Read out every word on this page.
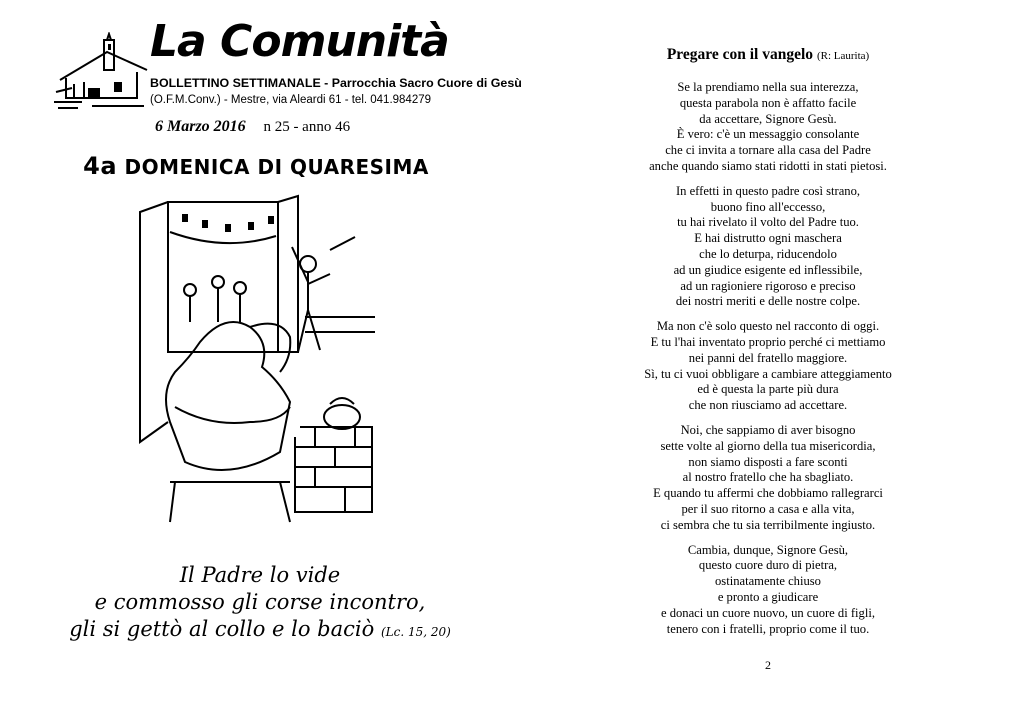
La Comunità
BOLLETTINO SETTIMANALE - Parrocchia Sacro Cuore di Gesù
(O.F.M.Conv.) - Mestre, via Aleardi 61 - tel. 041.984279
6 Marzo 2016 n 25 - anno 46
4a DOMENICA DI QUARESIMA
Il Padre lo vide
e commosso gli corse incontro,
gli si gettò al collo e lo baciò (Lc. 15, 20)
Pregare con il vangelo (R: Laurita)
Se la prendiamo nella sua interezza,
questa parabola non è affatto facile
da accettare, Signore Gesù.
È vero: c'è un messaggio consolante
che ci invita a tornare alla casa del Padre
anche quando siamo stati ridotti in stati pietosi.
In effetti in questo padre così strano,
buono fino all'eccesso,
tu hai rivelato il volto del Padre tuo.
E hai distrutto ogni maschera
che lo deturpa, riducendolo
ad un giudice esigente ed inflessibile,
ad un ragioniere rigoroso e preciso
dei nostri meriti e delle nostre colpe.
Ma non c'è solo questo nel racconto di oggi.
E tu l'hai inventato proprio perché ci mettiamo
nei panni del fratello maggiore.
Sì, tu ci vuoi obbligare a cambiare atteggiamento
ed è questa la parte più dura
che non riusciamo ad accettare.
Noi, che sappiamo di aver bisogno
sette volte al giorno della tua misericordia,
non siamo disposti a fare sconti
al nostro fratello che ha sbagliato.
E quando tu affermi che dobbiamo rallegrarci
per il suo ritorno a casa e alla vita,
ci sembra che tu sia terribilmente ingiusto.
Cambia, dunque, Signore Gesù,
questo cuore duro di pietra,
ostinatamente chiuso
e pronto a giudicare
e donaci un cuore nuovo, un cuore di figli,
tenero con i fratelli, proprio come il tuo.
2
